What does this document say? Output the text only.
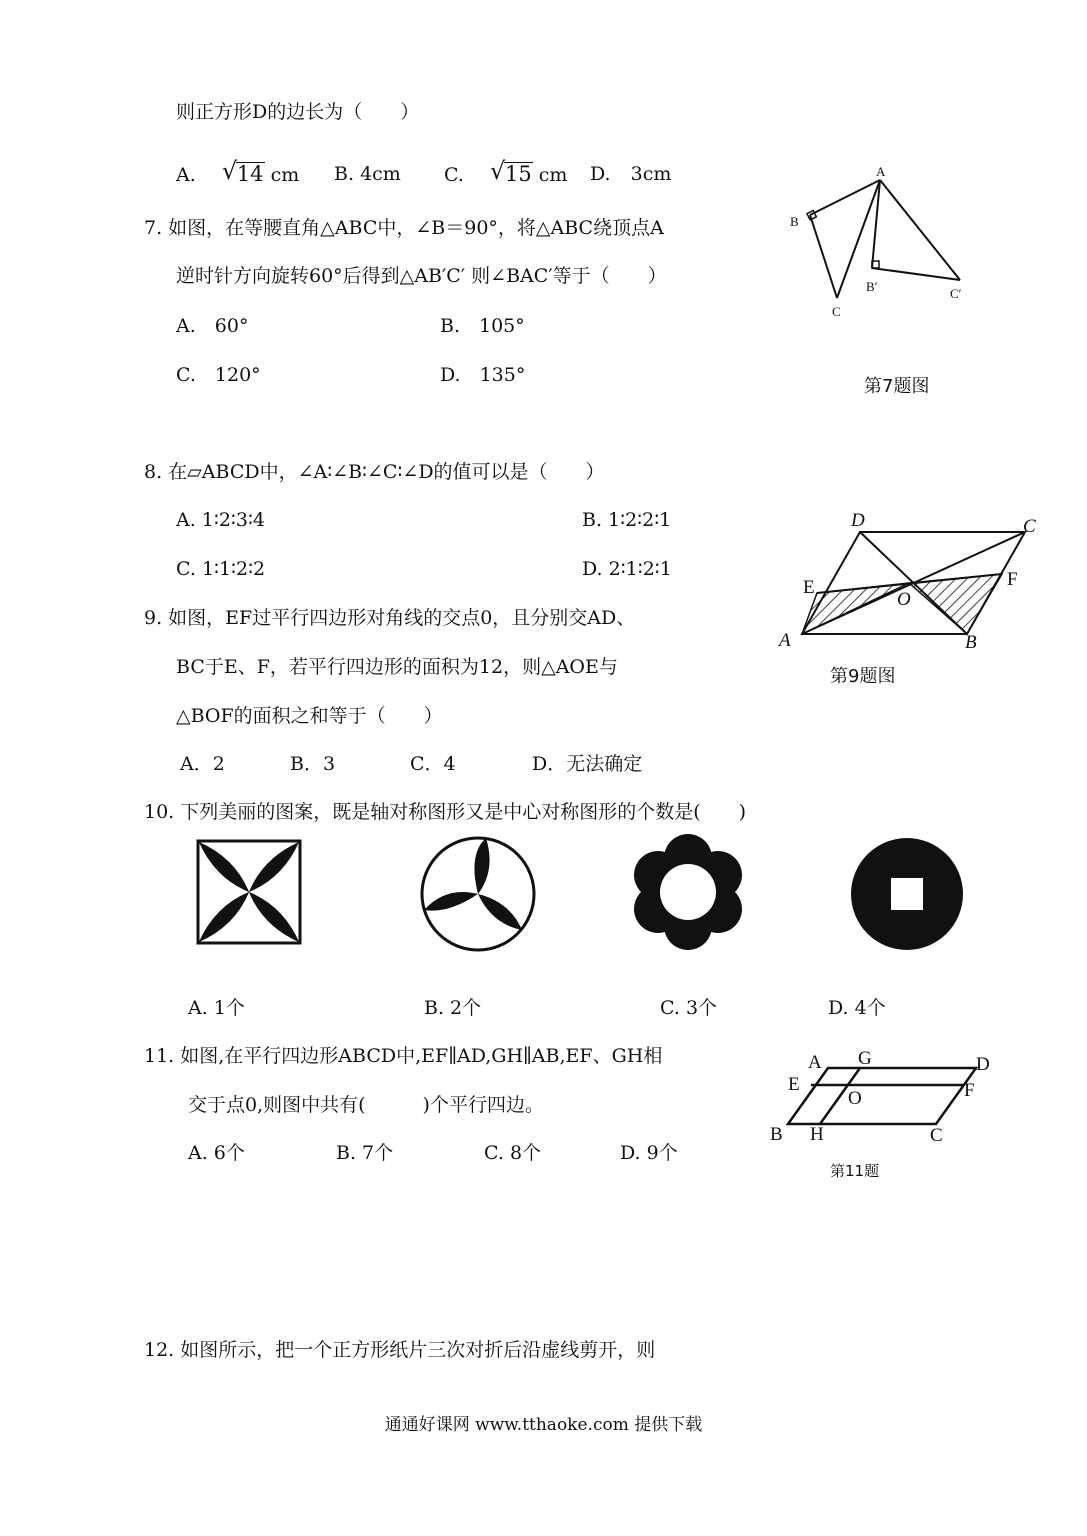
则正方形D的边长为（　　）
A. √ 14 cm B. 4cm C. √ 15 cm D. 3cm
7. 如图，在等腰直角△ABC中，∠B＝90°，将△ABC绕顶点A
逆时针方向旋转60°后得到△AB′C′ 则∠BAC′等于（　　）
A.　60°	B.　105°
C.　120°	D.　135°
A
B
C
B′	C′
第7题图
8. 在▱ABCD中，∠A∶∠B∶∠C∶∠D的值可以是（　　）
A. 1∶2∶3∶4	B. 1∶2∶2∶1
C. 1∶1∶2∶2	D. 2∶1∶2∶1
9. 如图，EF过平行四边形对角线的交点0，且分别交AD、
BC于E、F，若平行四边形的面积为12，则△AOE与
△BOF的面积之和等于（　　）
A．2	B．3	C．4	D．无法确定
D	C
E	F
O
A	B
第9题图
10. 下列美丽的图案，既是轴对称图形又是中心对称图形的个数是(　　)
A. 1个	B. 2个	C. 3个	D. 4个
11. 如图,在平行四边形ABCD中,EF∥AD,GH∥AB,EF、GH相
交于点0,则图中共有(　　　)个平行四边。
A. 6个	B. 7个	C. 8个	D. 9个
A G	D
E	F
O
B H	C
第11题
12. 如图所示，把一个正方形纸片三次对折后沿虚线剪开，则
通通好课网 www.tthaoke.com 提供下载
